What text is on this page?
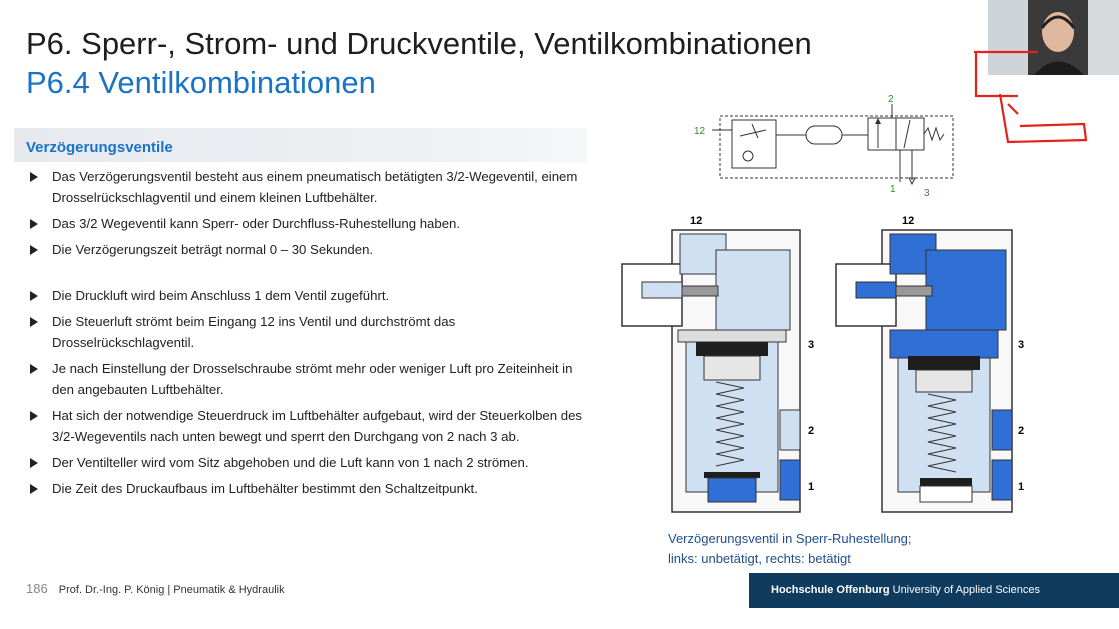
P6. Sperr-, Strom- und Druckventile, Ventilkombinationen
P6.4 Ventilkombinationen
Verzögerungsventile
Das Verzögerungsventil besteht aus einem pneumatisch betätigten 3/2-Wegeventil, einem Drosselrückschlagventil und einem kleinen Luftbehälter.
Das 3/2 Wegeventil kann Sperr- oder Durchfluss-Ruhestellung haben.
Die Verzögerungszeit beträgt normal 0 – 30 Sekunden.
Die Druckluft wird beim Anschluss 1 dem Ventil zugeführt.
Die Steuerluft strömt beim Eingang 12 ins Ventil und durchströmt das Drosselrückschlagventil.
Je nach Einstellung der Drosselschraube strömt mehr oder weniger Luft pro Zeiteinheit in den angebauten Luftbehälter.
Hat sich der notwendige Steuerdruck im Luftbehälter aufgebaut, wird der Steuerkolben des 3/2-Wegeventils nach unten bewegt und sperrt den Durchgang von 2 nach 3 ab.
Der Ventilteller wird vom Sitz abgehoben und die Luft kann von 1 nach 2 strömen.
Die Zeit des Druckaufbaus im Luftbehälter bestimmt den Schaltzeitpunkt.
12
2
1	3
12
3
2
1
12
3
2
1
Verzögerungsventil in Sperr-Ruhestellung;
links: unbetätigt, rechts: betätigt
186 Prof. Dr.-Ing. P. König | Pneumatik & Hydraulik	Hochschule Offenburg University of Applied Sciences
